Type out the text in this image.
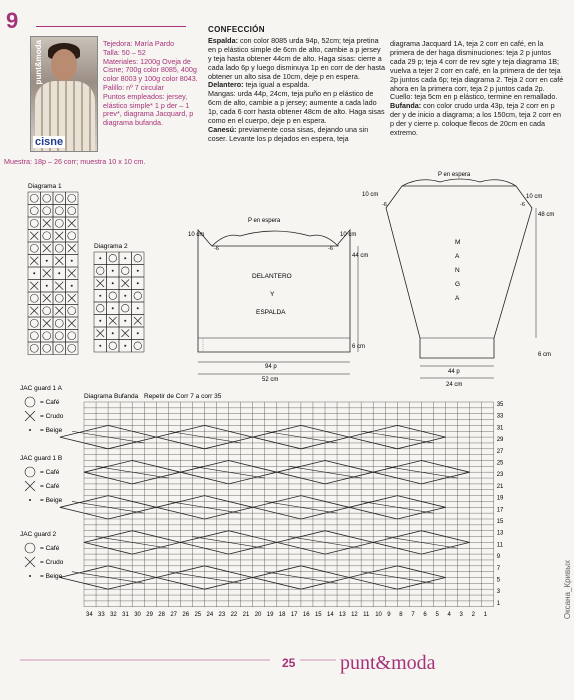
9
punt&moda
cisne
Tejedora: María Pardo
Talla: 50 – 52
Materiales: 1200g Oveja de Cisne; 700g color 8085, 400g color 8003 y 100g color 8043.
Palillo: nº 7 circular
Puntos empleados: jersey, elástico simple* 1 p der – 1 prev*, diagrama Jacquard, p diagrama bufanda.
Muestra: 18p – 26 corr; muestra 10 x 10 cm.
CONFECCIÓN

Espalda: con color 8085 urda 94p, 52cm; teja pretina en p elástico simple de 6cm de alto, cambie a p jersey y teja hasta obtener 44cm de alto. Haga sisas: cierre a cada lado 6p y luego disminuya 1p en corr de der hasta obtener un alto sisa de 10cm, deje p en espera.

Delantero: teja igual a espalda.

Mangas: urda 44p, 24cm, teja puño en p elástico de 6cm de alto, cambie a p jersey; aumente a cada lado 1p, cada 6 corr hasta obtener 48cm de alto. Haga sisas como en el cuerpo, deje p en espera.

Canesú: previamente cosa sisas, dejando una sin coser. Levante los p dejados en espera, teja

diagrama Jacquard 1A, teja 2 corr en café, en la primera de der haga disminuciones: teja 2 p juntos cada 29 p; teja 4 corr de rev sgte y teja diagrama 1B; vuelva a tejer 2 corr en café, en la primera de der teja 2p juntos cada 6p; teja diagrama 2. Teja 2 corr en café ahora en la primera corr, teja 2 p juntos cada 2p. Cuello: teja 5cm en p elástico, termine en remallado.

Bufanda: con color crudo urda 43p, teja 2 corr en p der y de inicio a diagrama; a los 150cm, teja 2 corr en p der y cierre p. coloque flecos de 20cm en cada extremo.

Diagrama 1
Diagrama 2
P en espera
10 cm	10 cm
-6	-6
44 cm
6 cm
DELANTERO
Y
ESPALDA
94 p
52 cm
P en espera
10 cm	10 cm
-6	-6
48 cm
6 cm
M
A
N
G
A
44 p
24 cm
Diagrama Bufanda Repetir de Corr 7 a corr 35
35
33
31
29
27
25
23
21
19
17
15
13
11
9
7
5
3
1
34 33 32 31 30 29 28 27 26 25 24 23 22 21 20 19 18 17 16 15 14 13 12 11 10 9 8 7 6 5 4 3 2 1
JAC guard 1 A
= Café
= Crudo
= Beige
JAC guard 1 B
= Café
= Café
= Beige
JAC guard 2
= Café
= Crudo
= Beige
25 punt&moda
Оксана_Кривых
